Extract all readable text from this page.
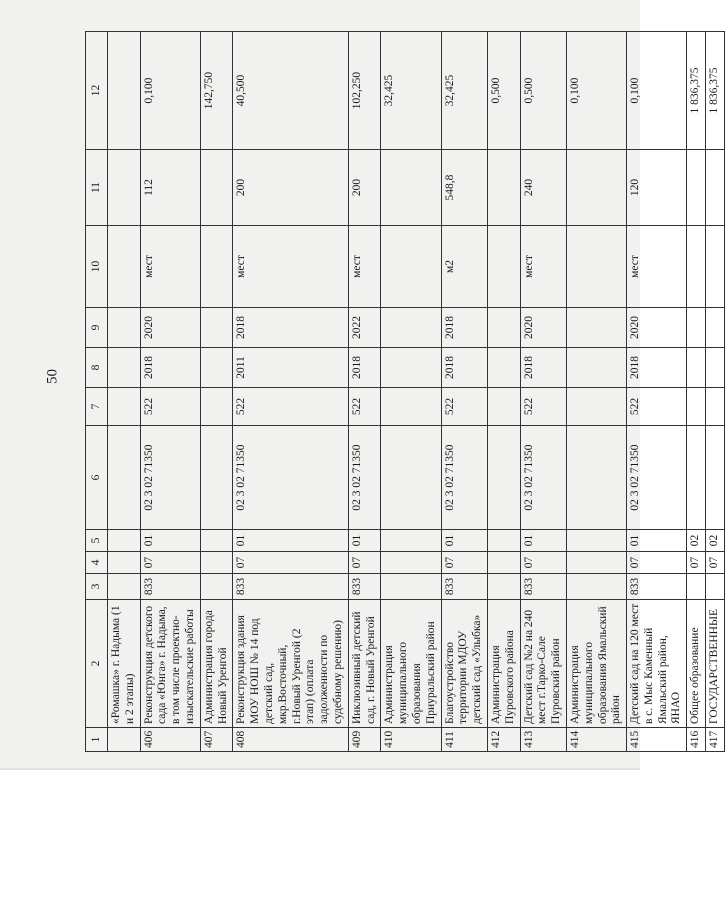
50
1	2	3	4	5	6	7	8	9	10	11	12
	«Ромашка» г. Надыма (1 и 2 этапы)										
406	Реконструкция детского сада «Юнга» г. Надыма, в том числе проектно-изыскательские работы	833	07	01	02 3 02 71350	522	2018	2020	мест	112	0,100
407	Администрация города Новый Уренгой										142,750
408	Реконструкция здания МОУ НОШ № 14 под детский сад, мкр.Восточный, г.Новый Уренгой (2 этап) (оплата задолженности по судебному решению)	833	07	01	02 3 02 71350	522	2011	2018	мест	200	40,500
409	Инклюзивный детский сад, г. Новый Уренгой	833	07	01	02 3 02 71350	522	2018	2022	мест	200	102,250
410	Администрация муниципального образования Приуральский район										32,425
411	Благоустройство территории МДОУ детский сад «Улыбка»	833	07	01	02 3 02 71350	522	2018	2018	м2	548,8	32,425
412	Администрация Пуровского района										0,500
413	Детский сад №2 на 240 мест г.Тарко-Сале Пуровский район	833	07	01	02 3 02 71350	522	2018	2020	мест	240	0,500
414	Администрация муниципального образования Ямальский район										0,100
415	Детский сад на 120 мест в с. Мыс Каменный Ямальский район, ЯНАО	833	07	01	02 3 02 71350	522	2018	2020	мест	120	0,100
416	Общее образование		07	02							1 836,375
417	ГОСУДАРСТВЕННЫЕ		07	02							1 836,375
